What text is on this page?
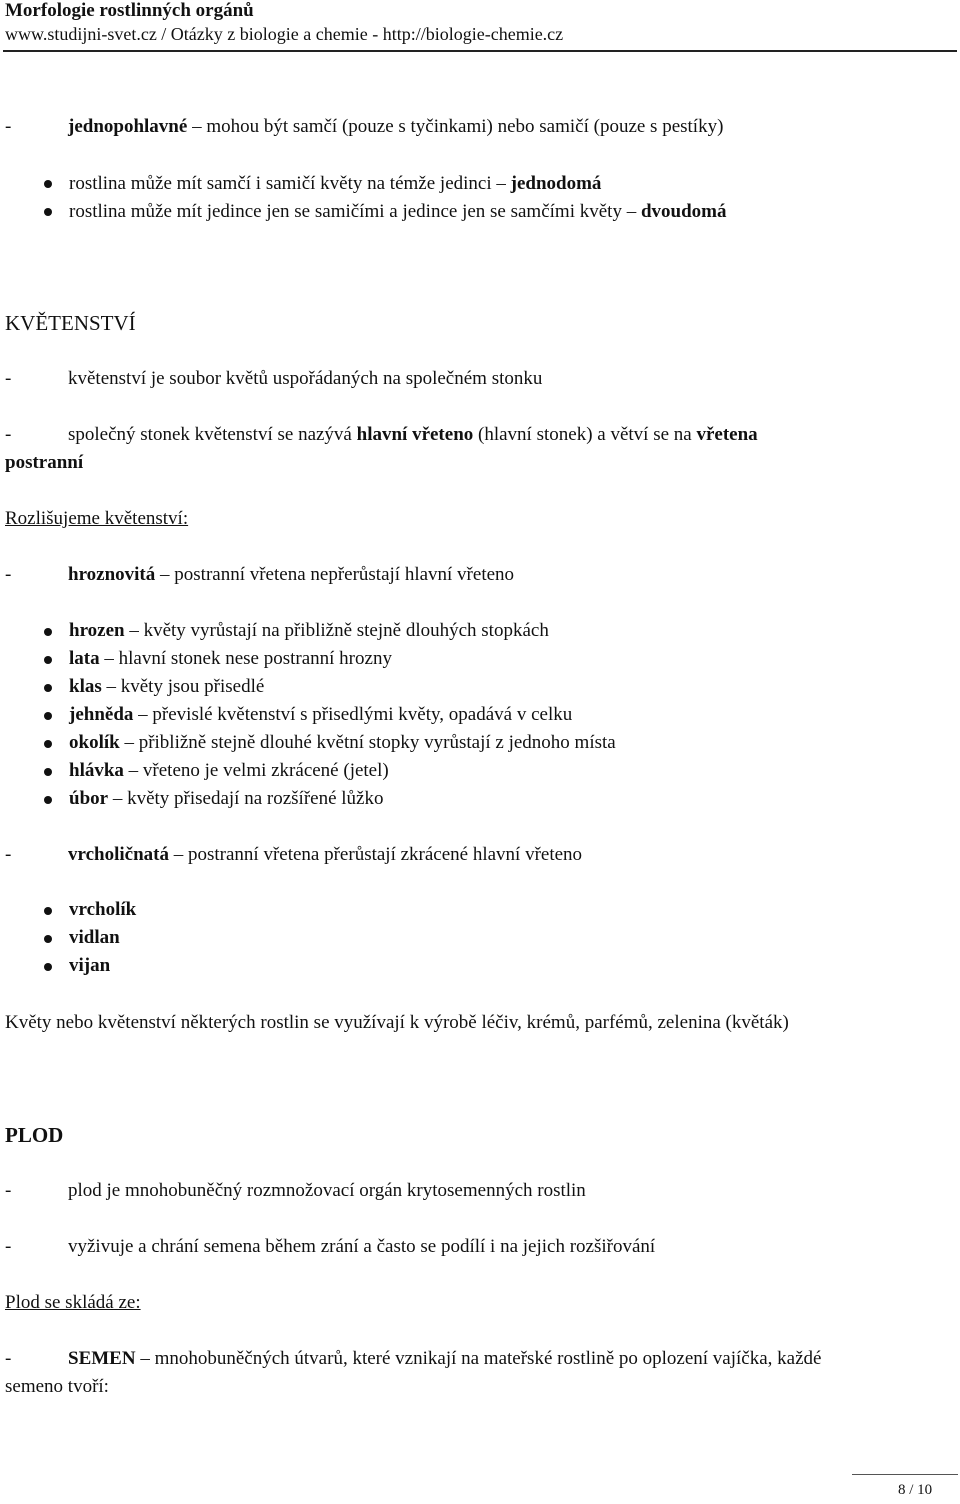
Morfologie rostlinných orgánů
www.studijni-svet.cz / Otázky z biologie a chemie - http://biologie-chemie.cz
-	jednopohlavné – mohou být samčí (pouze s tyčinkami) nebo samičí (pouze s pestíky)
rostlina může mít samčí i samičí květy na témže jedinci – jednodomá
rostlina může mít jedince jen se samičími a jedince jen se samčími květy – dvoudomá
KVĚTENSTVÍ
-	květenství je soubor květů uspořádaných na společném stonku
-	společný stonek květenství se nazývá hlavní vřeteno (hlavní stonek) a větví se na vřetena
postranní
Rozlišujeme květenství:
-	hroznovitá – postranní vřetena nepřerůstají hlavní vřeteno
hrozen – květy vyrůstají na přibližně stejně dlouhých stopkách
lata – hlavní stonek nese postranní hrozny
klas – květy jsou přisedlé
jehněda – převislé květenství s přisedlými květy, opadává v celku
okolík – přibližně stejně dlouhé květní stopky vyrůstají z jednoho místa
hlávka – vřeteno je velmi zkrácené (jetel)
úbor – květy přisedají na rozšířené lůžko
-	vrcholičnatá – postranní vřetena přerůstají zkrácené hlavní vřeteno
vrcholík
vidlan
vijan
Květy nebo květenství některých rostlin se využívají k výrobě léčiv, krémů, parfémů, zelenina (květák)
PLOD
-	plod je mnohobuněčný rozmnožovací orgán krytosemenných rostlin
-	vyživuje a chrání semena během zrání a často se podílí i na jejich rozšiřování
Plod se skládá ze:
-	SEMEN – mnohobuněčných útvarů, které vznikají na mateřské rostlině po oplození vajíčka, každé
semeno tvoří:
8 / 10
